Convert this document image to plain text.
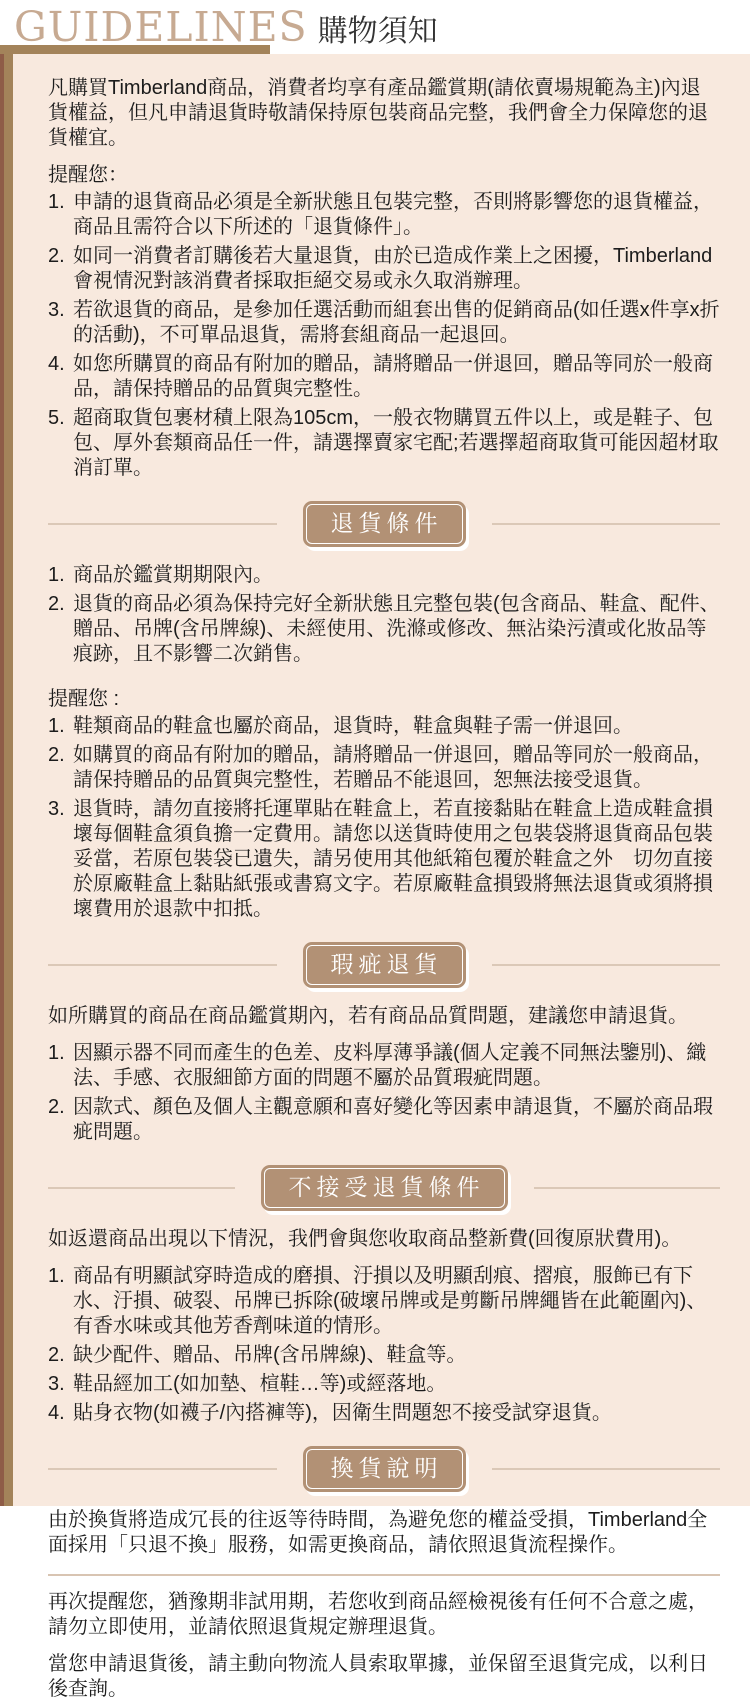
GUIDELINES 購物須知

凡購買Timberland商品，消費者均享有產品鑑賞期(請依賣場規範為主)內退貨權益，但凡申請退貨時敬請保持原包裝商品完整，我們會全力保障您的退貨權宜。

提醒您：

申請的退貨商品必須是全新狀態且包裝完整，否則將影響您的退貨權益，商品且需符合以下所述的「退貨條件」。
如同一消費者訂購後若大量退貨，由於已造成作業上之困擾，Timberland會視情況對該消費者採取拒絕交易或永久取消辦理。
若欲退貨的商品，是參加任選活動而組套出售的促銷商品(如任選x件享x折的活動)，不可單品退貨，需將套組商品一起退回。
如您所購買的商品有附加的贈品，請將贈品一併退回，贈品等同於一般商品，請保持贈品的品質與完整性。
超商取貨包裹材積上限為105cm，一般衣物購買五件以上，或是鞋子、包包、厚外套類商品任一件，請選擇賣家宅配;若選擇超商取貨可能因超材取消訂單。
退貨條件
商品於鑑賞期期限內。
退貨的商品必須為保持完好全新狀態且完整包裝(包含商品、鞋盒、配件、贈品、吊牌(含吊牌線)、未經使用、洗滌或修改、無沾染污漬或化妝品等痕跡，且不影響二次銷售。

提醒您 :

鞋類商品的鞋盒也屬於商品，退貨時，鞋盒與鞋子需一併退回。
如購買的商品有附加的贈品，請將贈品一併退回，贈品等同於一般商品，請保持贈品的品質與完整性，若贈品不能退回，恕無法接受退貨。
退貨時，請勿直接將托運單貼在鞋盒上，若直接黏貼在鞋盒上造成鞋盒損壞每個鞋盒須負擔一定費用。請您以送貨時使用之包裝袋將退貨商品包裝妥當，若原包裝袋已遺失，請另使用其他紙箱包覆於鞋盒之外　切勿直接於原廠鞋盒上黏貼紙張或書寫文字。若原廠鞋盒損毀將無法退貨或須將損壞費用於退款中扣抵。
瑕疵退貨

如所購買的商品在商品鑑賞期內，若有商品品質問題，建議您申請退貨。

因顯示器不同而產生的色差、皮料厚薄爭議(個人定義不同無法鑒別)、織法、手感、衣服細節方面的問題不屬於品質瑕疵問題。
因款式、顏色及個人主觀意願和喜好變化等因素申請退貨，不屬於商品瑕疵問題。
不接受退貨條件

如返還商品出現以下情況，我們會與您收取商品整新費(回復原狀費用)。

商品有明顯試穿時造成的磨損、汙損以及明顯刮痕、摺痕，服飾已有下水、汙損、破裂、吊牌已拆除(破壞吊牌或是剪斷吊牌繩皆在此範圍內)、有香水味或其他芳香劑味道的情形。
缺少配件、贈品、吊牌(含吊牌線)、鞋盒等。
鞋品經加工(如加墊、楦鞋…等)或經落地。
貼身衣物(如襪子/內搭褲等)，因衛生問題恕不接受試穿退貨。
換貨說明

由於換貨將造成冗長的往返等待時間，為避免您的權益受損，Timberland全面採用「只退不換」服務，如需更換商品，請依照退貨流程操作。

再次提醒您，猶豫期非試用期，若您收到商品經檢視後有任何不合意之處，請勿立即使用，並請依照退貨規定辦理退貨。

當您申請退貨後，請主動向物流人員索取單據，並保留至退貨完成，以利日後查詢。
